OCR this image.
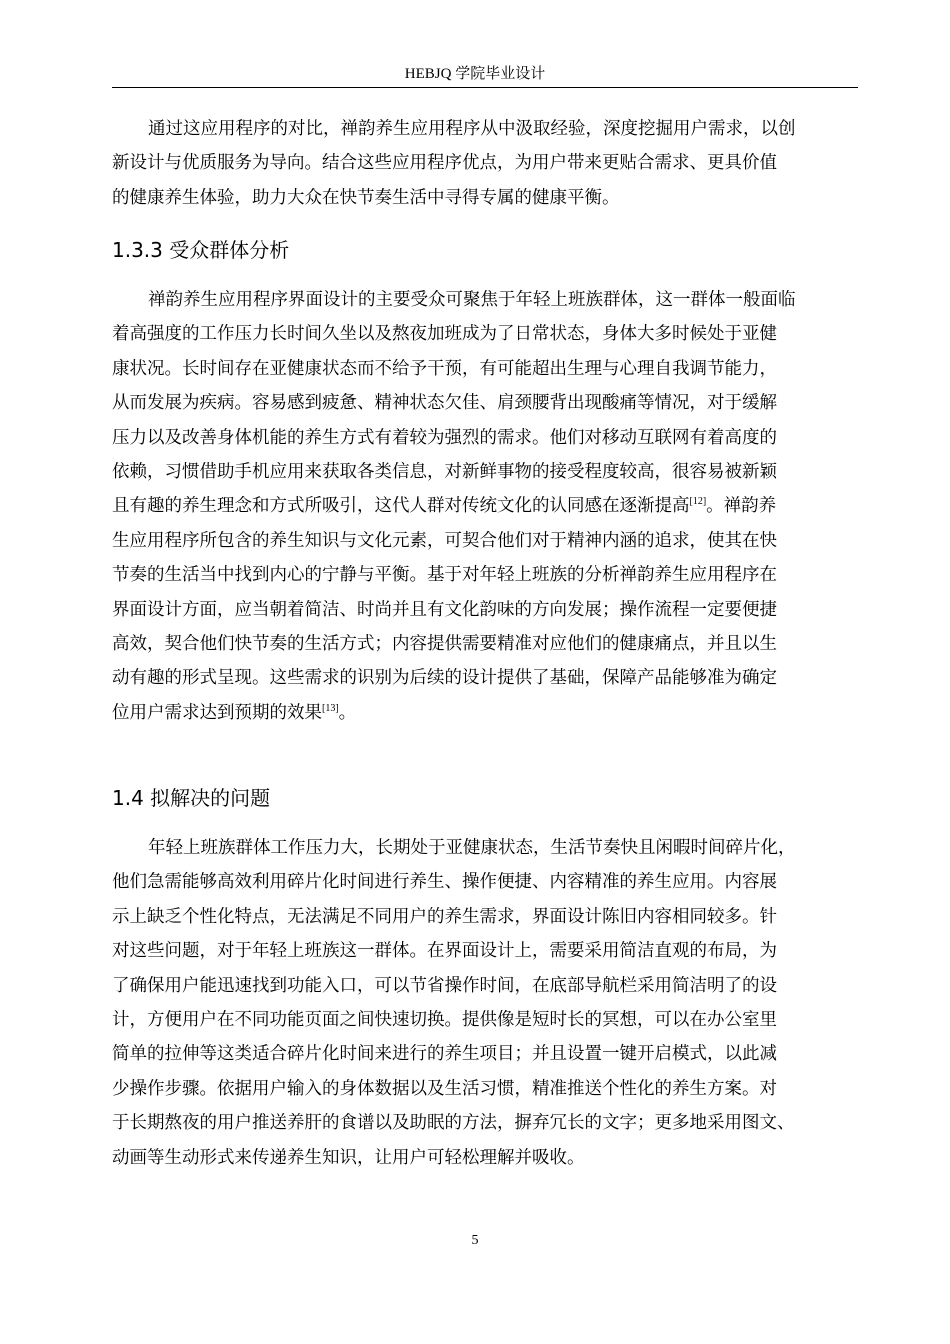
HEBJQ 学院毕业设计

通过这应用程序的对比，禅韵养生应用程序从中汲取经验，深度挖掘用户需求，以创
新设计与优质服务为导向。结合这些应用程序优点，为用户带来更贴合需求、更具价值
的健康养生体验，助力大众在快节奏生活中寻得专属的健康平衡。

1.3.3 受众群体分析

禅韵养生应用程序界面设计的主要受众可聚焦于年轻上班族群体，这一群体一般面临
着高强度的工作压力长时间久坐以及熬夜加班成为了日常状态，身体大多时候处于亚健
康状况。长时间存在亚健康状态而不给予干预，有可能超出生理与心理自我调节能力，
从而发展为疾病。容易感到疲惫、精神状态欠佳、肩颈腰背出现酸痛等情况，对于缓解
压力以及改善身体机能的养生方式有着较为强烈的需求。他们对移动互联网有着高度的
依赖，习惯借助手机应用来获取各类信息，对新鲜事物的接受程度较高，很容易被新颖
且有趣的养生理念和方式所吸引，这代人群对传统文化的认同感在逐渐提高[12]。禅韵养
生应用程序所包含的养生知识与文化元素，可契合他们对于精神内涵的追求，使其在快
节奏的生活当中找到内心的宁静与平衡。基于对年轻上班族的分析禅韵养生应用程序在
界面设计方面，应当朝着简洁、时尚并且有文化韵味的方向发展；操作流程一定要便捷
高效，契合他们快节奏的生活方式；内容提供需要精准对应他们的健康痛点，并且以生
动有趣的形式呈现。这些需求的识别为后续的设计提供了基础，保障产品能够准为确定
位用户需求达到预期的效果[13]。

1.4 拟解决的问题

年轻上班族群体工作压力大，长期处于亚健康状态，生活节奏快且闲暇时间碎片化，
他们急需能够高效利用碎片化时间进行养生、操作便捷、内容精准的养生应用。内容展
示上缺乏个性化特点，无法满足不同用户的养生需求，界面设计陈旧内容相同较多。针
对这些问题，对于年轻上班族这一群体。在界面设计上，需要采用简洁直观的布局，为
了确保用户能迅速找到功能入口，可以节省操作时间，在底部导航栏采用简洁明了的设
计，方便用户在不同功能页面之间快速切换。提供像是短时长的冥想，可以在办公室里
简单的拉伸等这类适合碎片化时间来进行的养生项目；并且设置一键开启模式，以此减
少操作步骤。依据用户输入的身体数据以及生活习惯，精准推送个性化的养生方案。对
于长期熬夜的用户推送养肝的食谱以及助眠的方法，摒弃冗长的文字；更多地采用图文、
动画等生动形式来传递养生知识，让用户可轻松理解并吸收。

5
